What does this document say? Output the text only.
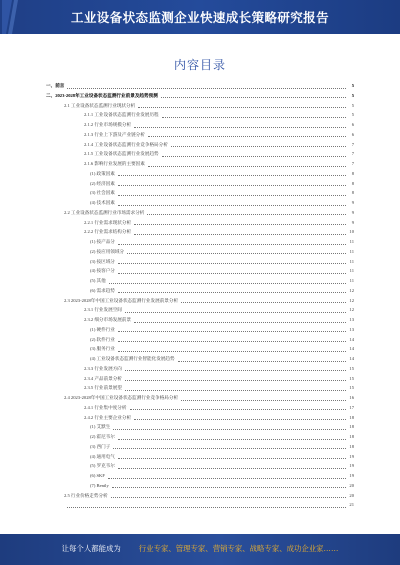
工业设备状态监测企业快速成长策略研究报告
内容目录
一、前言	5
二、2023-2028年工业设备状态监测行业前景及趋势预测	5
2.1 工业设备状态监测行业现状分析	5
2.1.1 工业设备状态监测行业发展历程	5
2.1.2 行业市场规模分析	6
2.1.3 行业上下游及产业链分析	6
2.1.4 工业设备状态监测行业竞争格局分析	7
2.1.5 工业设备状态监测行业发展趋势	7
2.1.6 影响行业发展的主要因素	7
(1) 政策因素	8
(2) 经济因素	8
(3) 社会因素	8
(4) 技术因素	9
2.2 工业设备状态监测行业市场需求分析	9
2.2.1 行业需求现状分析	9
2.2.2 行业需求结构分析	10
(1) 按产品分	11
(2) 按应用领域分	11
(3) 按区域分	11
(4) 按客户分	11
(5) 其他	11
(6) 需求趋势	12
2.3 2023-2028年中国工业设备状态监测行业发展前景分析	12
2.3.1 行业发展空间	12
2.3.2 细分市场发展前景	13
(1) 硬件行业	13
(2) 软件行业	14
(3) 服务行业	14
(4) 工业设备状态监测行业智能化发展趋势	14
2.3.3 行业发展方向	15
2.3.4 产品前景分析	15
2.3.5 行业前景展望	15
2.4 2023-2028年中国工业设备状态监测行业竞争格局分析	16
2.4.1 行业集中度分析	17
2.4.2 行业主要企业分析	18
(1) 艾默生	18
(2) 霍尼韦尔	18
(3) 西门子	18
(4) 通用电气	19
(5) 罗克韦尔	19
(6) SKF	19
(7) Bently	20
2.5 行业价格走势分析	20
21
让每个人都能成为 行业专家、管理专家、营销专家、战略专家、成功企业家……
